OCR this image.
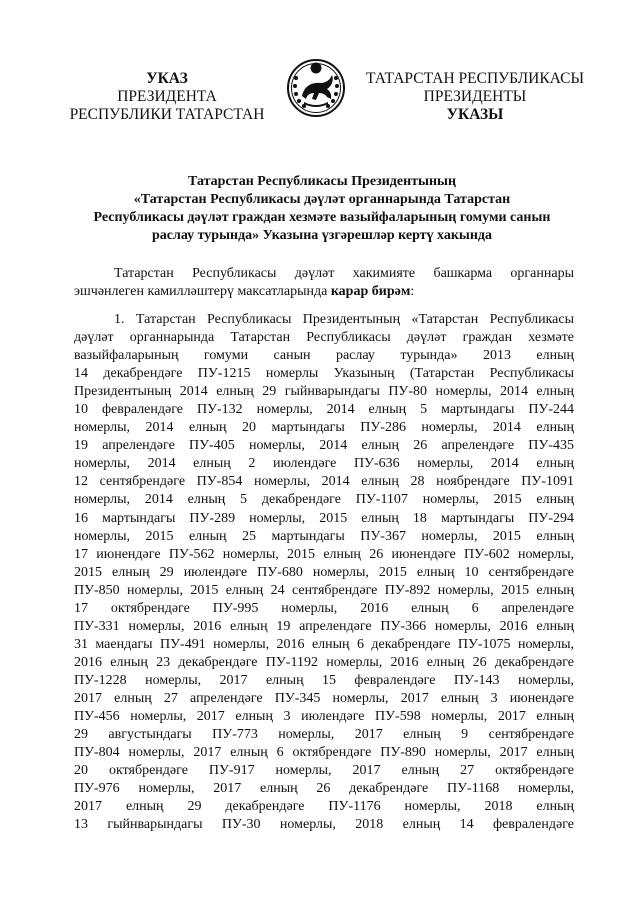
УКАЗ
ПРЕЗИДЕНТА
РЕСПУБЛИКИ ТАТАРСТАН
ТАТАРСТАН РЕСПУБЛИКАСЫ
ПРЕЗИДЕНТЫ
УКАЗЫ
Татарстан Республикасы Президентының
«Татарстан Республикасы дәүләт органнарында Татарстан
Республикасы дәүләт граждан хезмәте вазыйфаларының гомуми санын
раслау турында» Указына үзгәрешләр кертү хакында
Татарстан Республикасы дәүләт хакимияте башкарма органнары
эшчәнлеген камилләштерү максатларында карар бирәм:
1. Татарстан Республикасы Президентының «Татарстан Республикасы
дәүләт органнарында Татарстан Республикасы дәүләт граждан хезмәте
вазыйфаларының гомуми санын раслау турында» 2013 елның
14 декабрендәге ПУ-1215 номерлы Указының (Татарстан Республикасы
Президентының 2014 елның 29 гыйнварындагы ПУ-80 номерлы, 2014 елның
10 февралендәге ПУ-132 номерлы, 2014 елның 5 мартындагы ПУ-244
номерлы, 2014 елның 20 мартындагы ПУ-286 номерлы, 2014 елның
19 апрелендәге ПУ-405 номерлы, 2014 елның 26 апрелендәге ПУ-435
номерлы, 2014 елның 2 июлендәге ПУ-636 номерлы, 2014 елның
12 сентябрендәге ПУ-854 номерлы, 2014 елның 28 ноябрендәге ПУ-1091
номерлы, 2014 елның 5 декабрендәге ПУ-1107 номерлы, 2015 елның
16 мартындагы ПУ-289 номерлы, 2015 елның 18 мартындагы ПУ-294
номерлы, 2015 елның 25 мартындагы ПУ-367 номерлы, 2015 елның
17 июнендәге ПУ-562 номерлы, 2015 елның 26 июнендәге ПУ-602 номерлы,
2015 елның 29 июлендәге ПУ-680 номерлы, 2015 елның 10 сентябрендәге
ПУ-850 номерлы, 2015 елның 24 сентябрендәге ПУ-892 номерлы, 2015 елның
17 октябрендәге ПУ-995 номерлы, 2016 елның 6 апрелендәге
ПУ-331 номерлы, 2016 елның 19 апрелендәге ПУ-366 номерлы, 2016 елның
31 маендагы ПУ-491 номерлы, 2016 елның 6 декабрендәге ПУ-1075 номерлы,
2016 елның 23 декабрендәге ПУ-1192 номерлы, 2016 елның 26 декабрендәге
ПУ-1228 номерлы, 2017 елның 15 февралендәге ПУ-143 номерлы,
2017 елның 27 апрелендәге ПУ-345 номерлы, 2017 елның 3 июнендәге
ПУ-456 номерлы, 2017 елның 3 июлендәге ПУ-598 номерлы, 2017 елның
29 августындагы ПУ-773 номерлы, 2017 елның 9 сентябрендәге
ПУ-804 номерлы, 2017 елның 6 октябрендәге ПУ-890 номерлы, 2017 елның
20 октябрендәге ПУ-917 номерлы, 2017 елның 27 октябрендәге
ПУ-976 номерлы, 2017 елның 26 декабрендәге ПУ-1168 номерлы,
2017 елның 29 декабрендәге ПУ-1176 номерлы, 2018 елның
13 гыйнварындагы ПУ-30 номерлы, 2018 елның 14 февралендәге
